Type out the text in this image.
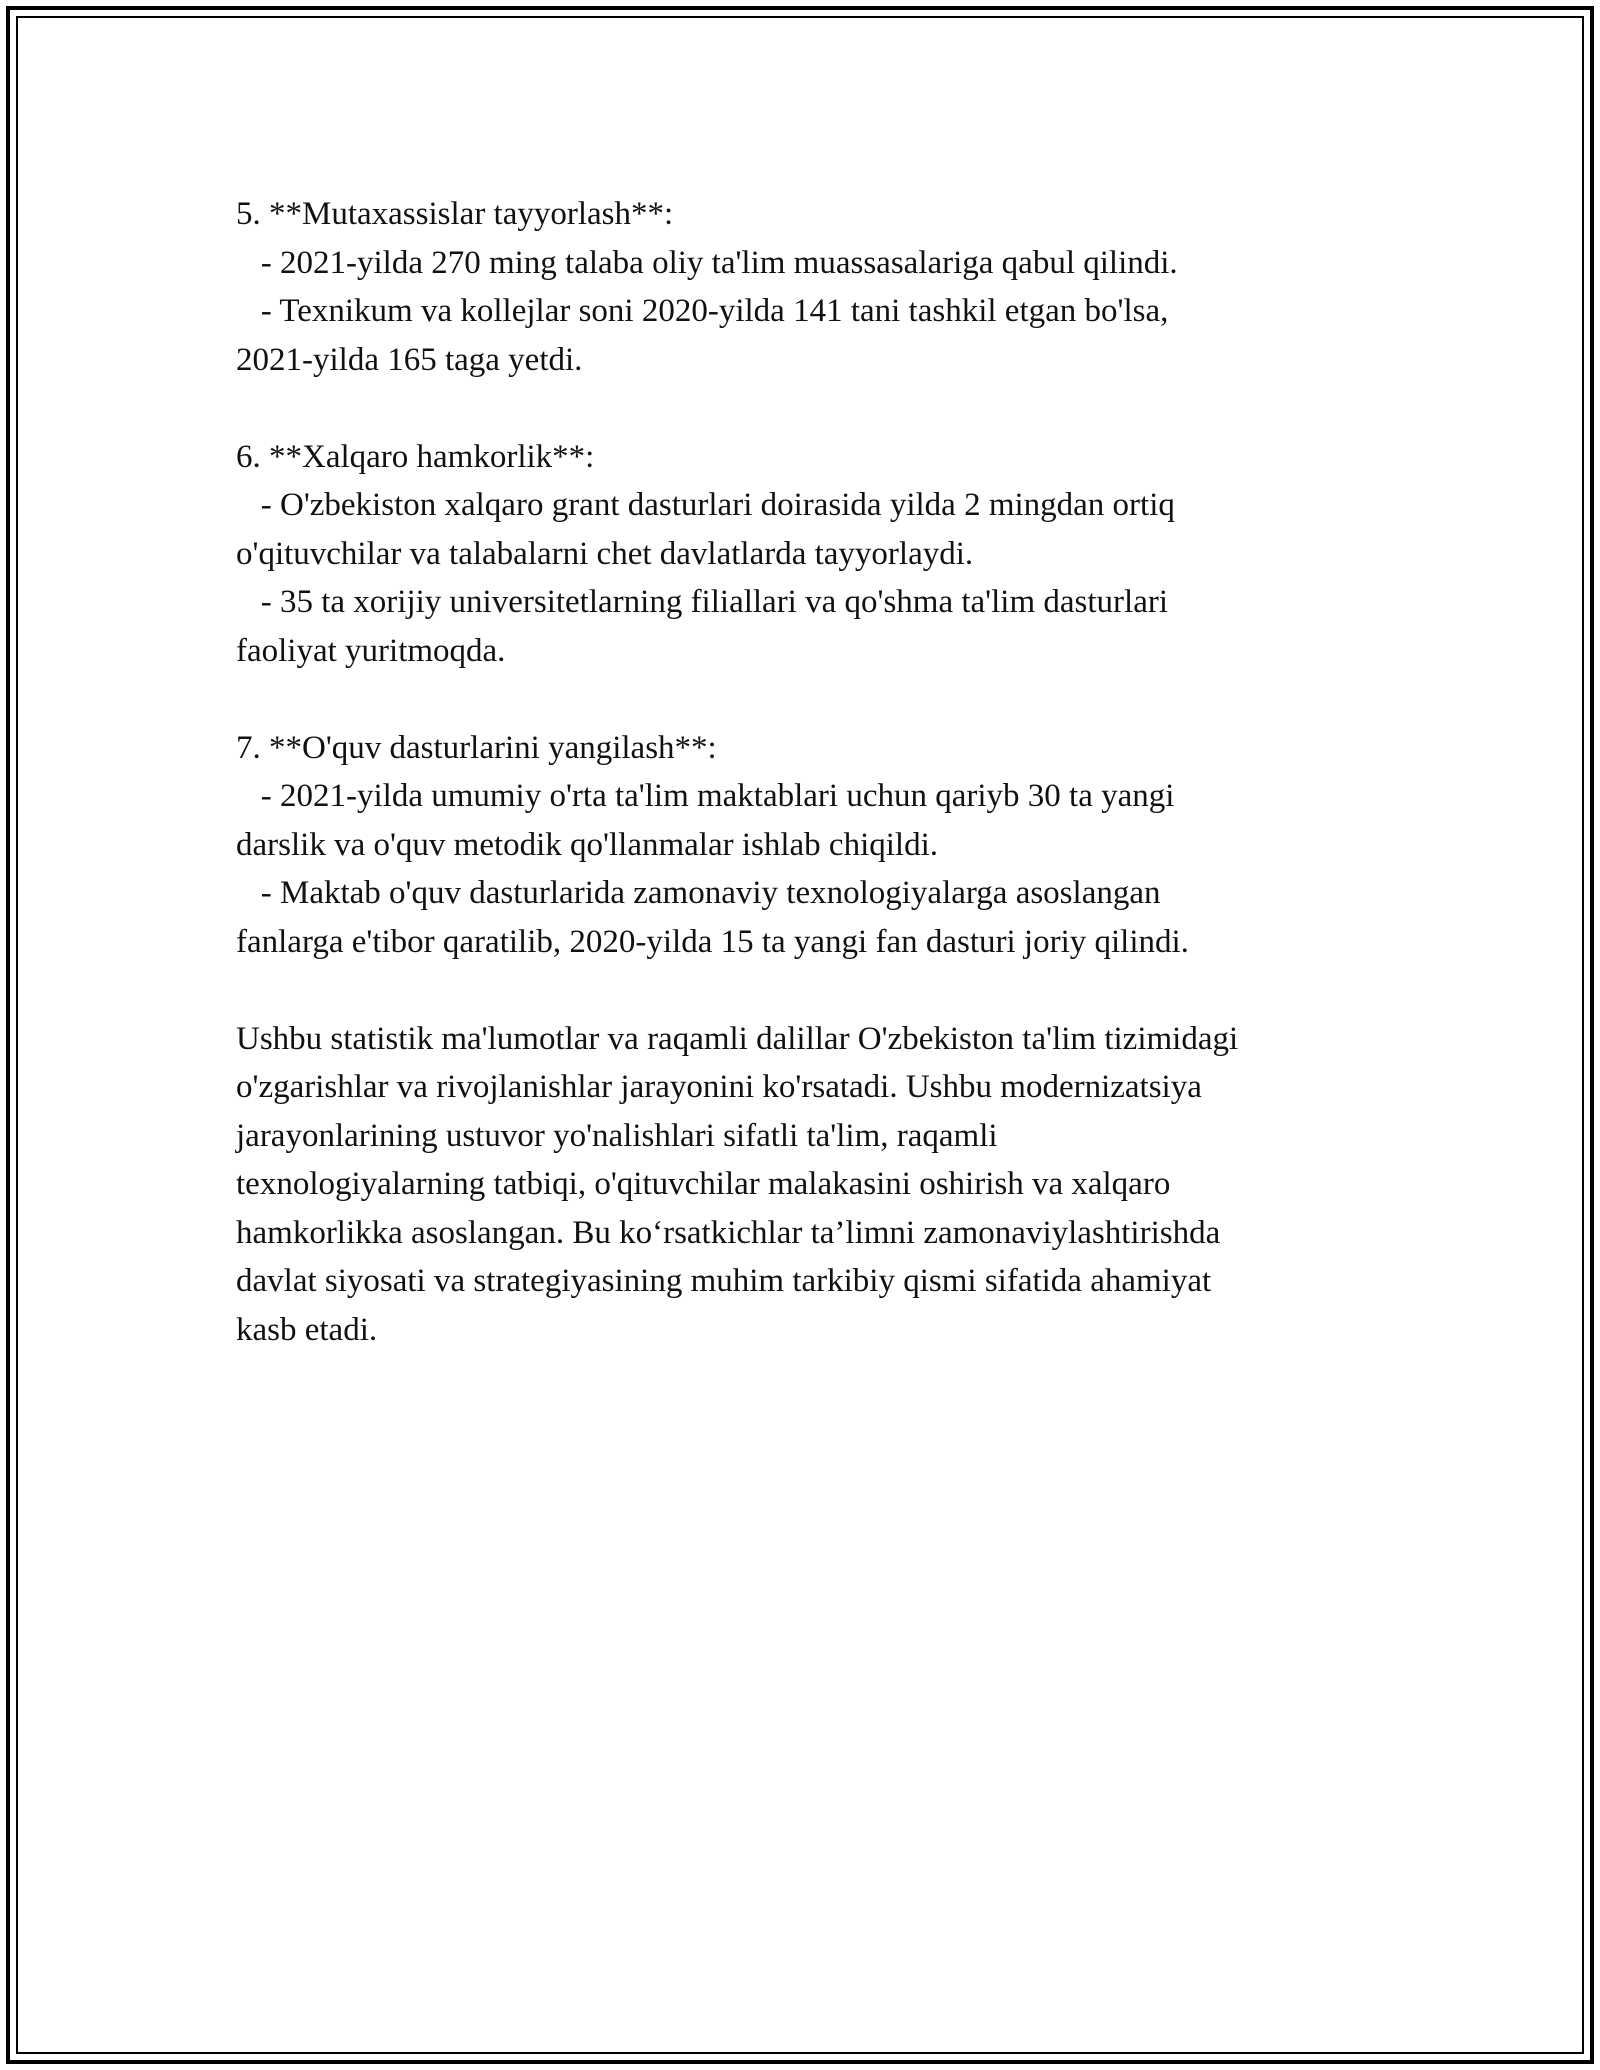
5. **Mutaxassislar tayyorlash**:
- 2021-yilda 270 ming talaba oliy ta'lim muassasalariga qabul qilindi.
- Texnikum va kollejlar soni 2020-yilda 141 tani tashkil etgan bo'lsa,
2021-yilda 165 taga yetdi.
6. **Xalqaro hamkorlik**:
- O'zbekiston xalqaro grant dasturlari doirasida yilda 2 mingdan ortiq
o'qituvchilar va talabalarni chet davlatlarda tayyorlaydi.
- 35 ta xorijiy universitetlarning filiallari va qo'shma ta'lim dasturlari
faoliyat yuritmoqda.
7. **O'quv dasturlarini yangilash**:
- 2021-yilda umumiy o'rta ta'lim maktablari uchun qariyb 30 ta yangi
darslik va o'quv metodik qo'llanmalar ishlab chiqildi.
- Maktab o'quv dasturlarida zamonaviy texnologiyalarga asoslangan
fanlarga e'tibor qaratilib, 2020-yilda 15 ta yangi fan dasturi joriy qilindi.
Ushbu statistik ma'lumotlar va raqamli dalillar O'zbekiston ta'lim tizimidagi
o'zgarishlar va rivojlanishlar jarayonini ko'rsatadi. Ushbu modernizatsiya
jarayonlarining ustuvor yo'nalishlari sifatli ta'lim, raqamli
texnologiyalarning tatbiqi, o'qituvchilar malakasini oshirish va xalqaro
hamkorlikka asoslangan. Bu ko‘rsatkichlar ta’limni zamonaviylashtirishda
davlat siyosati va strategiyasining muhim tarkibiy qismi sifatida ahamiyat
kasb etadi.
